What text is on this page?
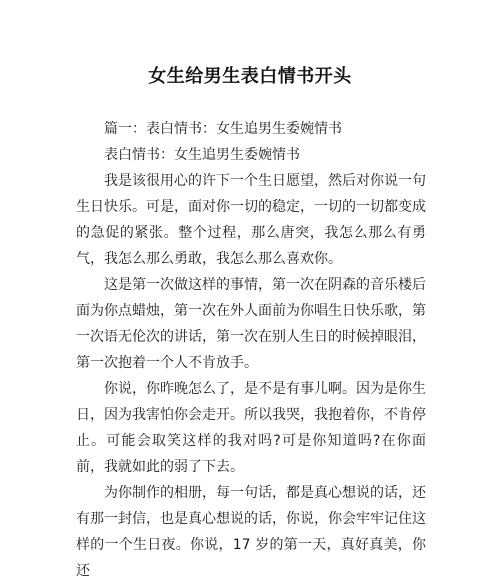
女生给男生表白情书开头

篇一：表白情书：女生追男生委婉情书

表白情书：女生追男生委婉情书

我是该很用心的许下一个生日愿望，然后对你说一句生日快乐。可是，面对你一切的稳定，一切的一切都变成的急促的紧张。整个过程，那么唐突，我怎么那么有勇气，我怎么那么勇敢，我怎么那么喜欢你。

这是第一次做这样的事情，第一次在阴森的音乐楼后面为你点蜡烛，第一次在外人面前为你唱生日快乐歌，第一次语无伦次的讲话，第一次在别人生日的时候掉眼泪，第一次抱着一个人不肯放手。

你说，你昨晚怎么了，是不是有事儿啊。因为是你生日，因为我害怕你会走开。所以我哭，我抱着你，不肯停止。可能会取笑这样的我对吗?可是你知道吗?在你面前，我就如此的弱了下去。

为你制作的相册，每一句话，都是真心想说的话，还有那一封信，也是真心想说的话，你说，你会牢牢记住这样的一个生日夜。你说，17 岁的第一天，真好真美，你还
